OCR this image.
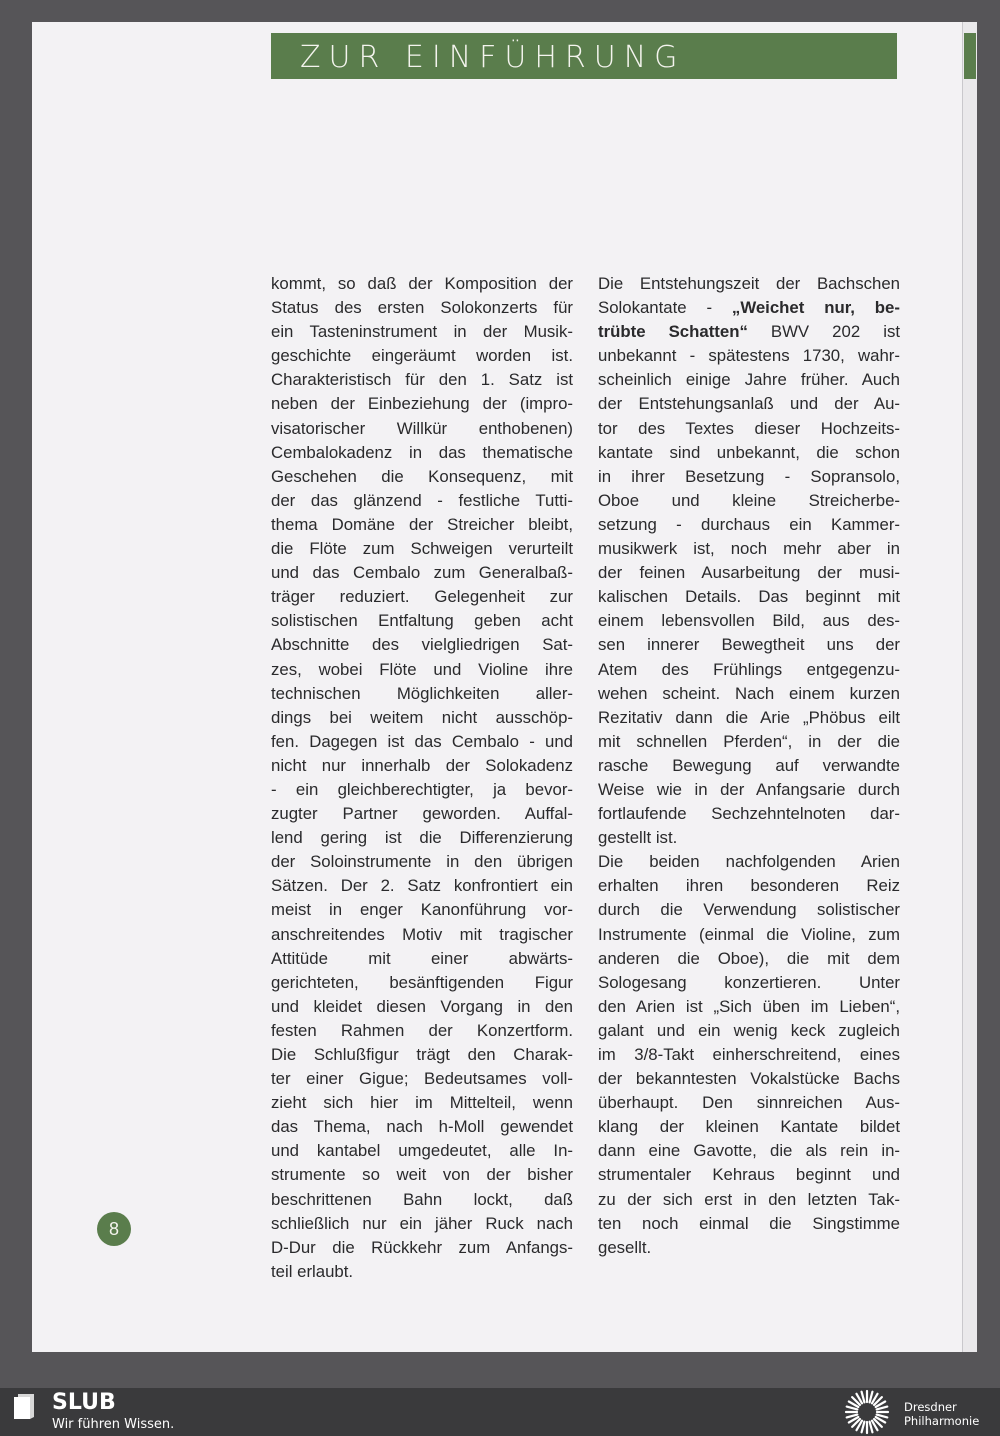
ZUR EINFÜHRUNG
kommt, so daß der Komposition der
Status des ersten Solokonzerts für
ein Tasteninstrument in der Musik-
geschichte eingeräumt worden ist.
Charakteristisch für den 1. Satz ist
neben der Einbeziehung der (impro-
visatorischer Willkür enthobenen)
Cembalokadenz in das thematische
Geschehen die Konsequenz, mit
der das glänzend - festliche Tutti-
thema Domäne der Streicher bleibt,
die Flöte zum Schweigen verurteilt
und das Cembalo zum Generalbaß-
träger reduziert. Gelegenheit zur
solistischen Entfaltung geben acht
Abschnitte des vielgliedrigen Sat-
zes, wobei Flöte und Violine ihre
technischen Möglichkeiten aller-
dings bei weitem nicht ausschöp-
fen. Dagegen ist das Cembalo - und
nicht nur innerhalb der Solokadenz
- ein gleichberechtigter, ja bevor-
zugter Partner geworden. Auffal-
lend gering ist die Differenzierung
der Soloinstrumente in den übrigen
Sätzen. Der 2. Satz konfrontiert ein
meist in enger Kanonführung vor-
anschreitendes Motiv mit tragischer
Attitüde mit einer abwärts-
gerichteten, besänftigenden Figur
und kleidet diesen Vorgang in den
festen Rahmen der Konzertform.
Die Schlußfigur trägt den Charak-
ter einer Gigue; Bedeutsames voll-
zieht sich hier im Mittelteil, wenn
das Thema, nach h-Moll gewendet
und kantabel umgedeutet, alle In-
strumente so weit von der bisher
beschrittenen Bahn lockt, daß
schließlich nur ein jäher Ruck nach
D-Dur die Rückkehr zum Anfangs-
teil erlaubt.
Die Entstehungszeit der Bachschen
Solokantate - „Weichet nur, be-
trübte Schatten“ BWV 202 ist
unbekannt - spätestens 1730, wahr-
scheinlich einige Jahre früher. Auch
der Entstehungsanlaß und der Au-
tor des Textes dieser Hochzeits-
kantate sind unbekannt, die schon
in ihrer Besetzung - Sopransolo,
Oboe und kleine Streicherbe-
setzung - durchaus ein Kammer-
musikwerk ist, noch mehr aber in
der feinen Ausarbeitung der musi-
kalischen Details. Das beginnt mit
einem lebensvollen Bild, aus des-
sen innerer Bewegtheit uns der
Atem des Frühlings entgegenzu-
wehen scheint. Nach einem kurzen
Rezitativ dann die Arie „Phöbus eilt
mit schnellen Pferden“, in der die
rasche Bewegung auf verwandte
Weise wie in der Anfangsarie durch
fortlaufende Sechzehntelnoten dar-
gestellt ist.
Die beiden nachfolgenden Arien
erhalten ihren besonderen Reiz
durch die Verwendung solistischer
Instrumente (einmal die Violine, zum
anderen die Oboe), die mit dem
Sologesang konzertieren. Unter
den Arien ist „Sich üben im Lieben“,
galant und ein wenig keck zugleich
im 3/8-Takt einherschreitend, eines
der bekanntesten Vokalstücke Bachs
überhaupt. Den sinnreichen Aus-
klang der kleinen Kantate bildet
dann eine Gavotte, die als rein in-
strumentaler Kehraus beginnt und
zu der sich erst in den letzten Tak-
ten noch einmal die Singstimme
gesellt.
8
SLUB
Wir führen Wissen.
Dresdner
Philharmonie
